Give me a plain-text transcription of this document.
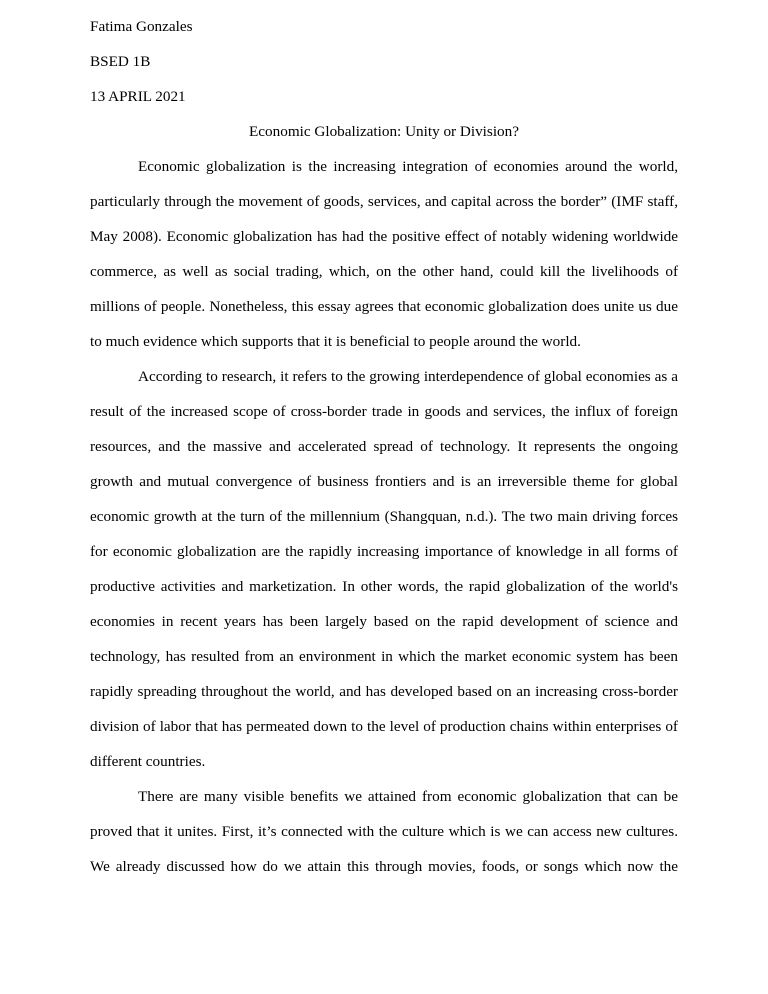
Fatima Gonzales
BSED 1B
13 APRIL 2021
Economic Globalization: Unity or Division?
Economic globalization is the increasing integration of economies around the world,
particularly through the movement of goods, services, and capital across the border” (IMF staff,
May 2008). Economic globalization has had the positive effect of notably widening worldwide
commerce, as well as social trading, which, on the other hand, could kill the livelihoods of
millions of people. Nonetheless, this essay agrees that economic globalization does unite us due
to much evidence which supports that it is beneficial to people around the world.
According to research, it refers to the growing interdependence of global economies as a
result of the increased scope of cross-border trade in goods and services, the influx of foreign
resources, and the massive and accelerated spread of technology. It represents the ongoing
growth and mutual convergence of business frontiers and is an irreversible theme for global
economic growth at the turn of the millennium (Shangquan, n.d.). The two main driving forces
for economic globalization are the rapidly increasing importance of knowledge in all forms of
productive activities and marketization. In other words, the rapid globalization of the world's
economies in recent years has been largely based on the rapid development of science and
technology, has resulted from an environment in which the market economic system has been
rapidly spreading throughout the world, and has developed based on an increasing cross-border
division of labor that has permeated down to the level of production chains within enterprises of
different countries.
There are many visible benefits we attained from economic globalization that can be
proved that it unites. First, it’s connected with the culture which is we can access new cultures.
We already discussed how do we attain this through movies, foods, or songs which now the
